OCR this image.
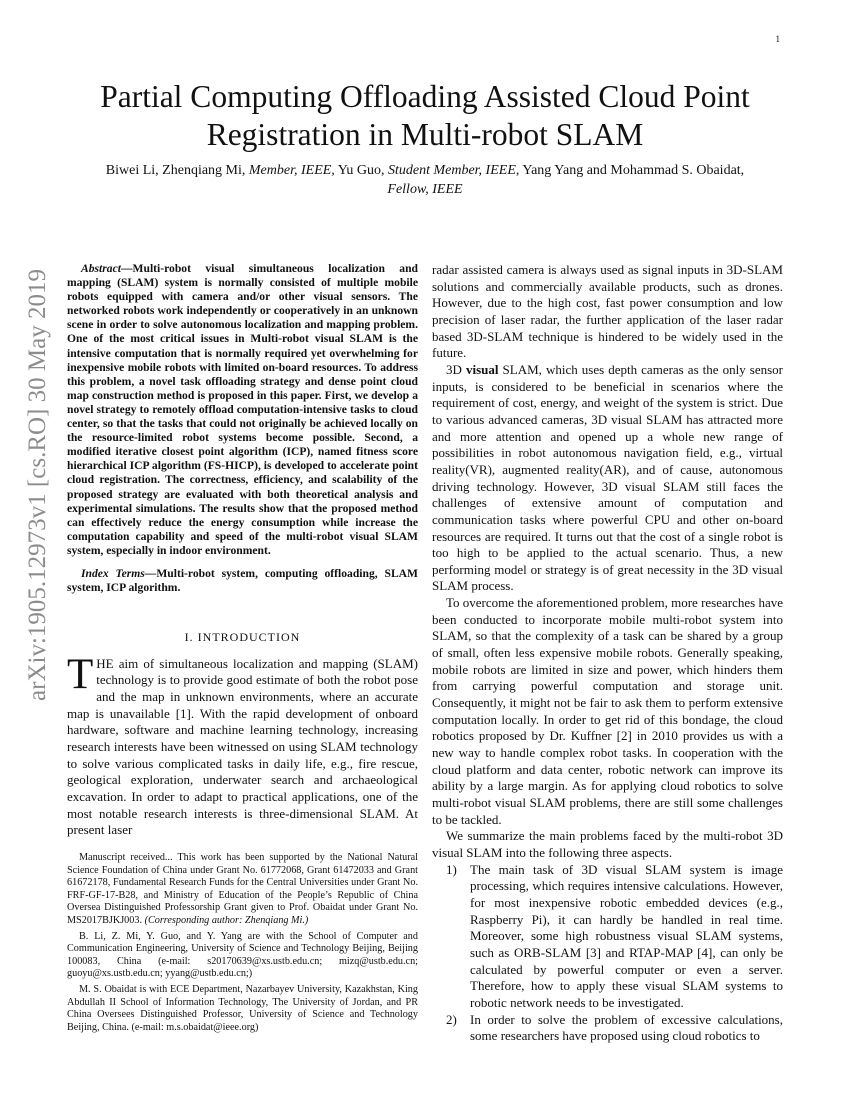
1
arXiv:1905.12973v1 [cs.RO] 30 May 2019
Partial Computing Offloading Assisted Cloud Point Registration in Multi-robot SLAM
Biwei Li, Zhenqiang Mi, Member, IEEE, Yu Guo, Student Member, IEEE, Yang Yang and Mohammad S. Obaidat, Fellow, IEEE

Abstract—Multi-robot visual simultaneous localization and mapping (SLAM) system is normally consisted of multiple mobile robots equipped with camera and/or other visual sensors. The networked robots work independently or cooperatively in an unknown scene in order to solve autonomous localization and mapping problem. One of the most critical issues in Multi-robot visual SLAM is the intensive computation that is normally required yet overwhelming for inexpensive mobile robots with limited on-board resources. To address this problem, a novel task offloading strategy and dense point cloud map construction method is proposed in this paper. First, we develop a novel strategy to remotely offload computation-intensive tasks to cloud center, so that the tasks that could not originally be achieved locally on the resource-limited robot systems become possible. Second, a modified iterative closest point algorithm (ICP), named fitness score hierarchical ICP algorithm (FS-HICP), is developed to accelerate point cloud registration. The correctness, efficiency, and scalability of the proposed strategy are evaluated with both theoretical analysis and experimental simulations. The results show that the proposed method can effectively reduce the energy consumption while increase the computation capability and speed of the multi-robot visual SLAM system, especially in indoor environment.

Index Terms—Multi-robot system, computing offloading, SLAM system, ICP algorithm.

I. INTRODUCTION

THE aim of simultaneous localization and mapping (SLAM) technology is to provide good estimate of both the robot pose and the map in unknown environments, where an accurate map is unavailable [1]. With the rapid development of onboard hardware, software and machine learning technology, increasing research interests have been witnessed on using SLAM technology to solve various complicated tasks in daily life, e.g., fire rescue, geological exploration, underwater search and archaeological excavation. In order to adapt to practical applications, one of the most notable research interests is three-dimensional SLAM. At present laser

Manuscript received... This work has been supported by the National Natural Science Foundation of China under Grant No. 61772068, Grant 61472033 and Grant 61672178, Fundamental Research Funds for the Central Universities under Grant No. FRF-GF-17-B28, and Ministry of Education of the People’s Republic of China Oversea Distinguished Professorship Grant given to Prof. Obaidat under Grant No. MS2017BJKJ003. (Corresponding author: Zhenqiang Mi.)

B. Li, Z. Mi, Y. Guo, and Y. Yang are with the School of Computer and Communication Engineering, University of Science and Technology Beijing, Beijing 100083, China (e-mail: s20170639@xs.ustb.edu.cn; mizq@ustb.edu.cn; guoyu@xs.ustb.edu.cn; yyang@ustb.edu.cn;)

M. S. Obaidat is with ECE Department, Nazarbayev University, Kazakhstan, King Abdullah II School of Information Technology, The University of Jordan, and PR China Oversees Distinguished Professor, University of Science and Technology Beijing, China. (e-mail: m.s.obaidat@ieee.org)

radar assisted camera is always used as signal inputs in 3D-SLAM solutions and commercially available products, such as drones. However, due to the high cost, fast power consumption and low precision of laser radar, the further application of the laser radar based 3D-SLAM technique is hindered to be widely used in the future.

3D visual SLAM, which uses depth cameras as the only sensor inputs, is considered to be beneficial in scenarios where the requirement of cost, energy, and weight of the system is strict. Due to various advanced cameras, 3D visual SLAM has attracted more and more attention and opened up a whole new range of possibilities in robot autonomous navigation field, e.g., virtual reality(VR), augmented reality(AR), and of cause, autonomous driving technology. However, 3D visual SLAM still faces the challenges of extensive amount of computation and communication tasks where powerful CPU and other on-board resources are required. It turns out that the cost of a single robot is too high to be applied to the actual scenario. Thus, a new performing model or strategy is of great necessity in the 3D visual SLAM process.

To overcome the aforementioned problem, more researches have been conducted to incorporate mobile multi-robot system into SLAM, so that the complexity of a task can be shared by a group of small, often less expensive mobile robots. Generally speaking, mobile robots are limited in size and power, which hinders them from carrying powerful computation and storage unit. Consequently, it might not be fair to ask them to perform extensive computation locally. In order to get rid of this bondage, the cloud robotics proposed by Dr. Kuffner [2] in 2010 provides us with a new way to handle complex robot tasks. In cooperation with the cloud platform and data center, robotic network can improve its ability by a large margin. As for applying cloud robotics to solve multi-robot visual SLAM problems, there are still some challenges to be tackled.

We summarize the main problems faced by the multi-robot 3D visual SLAM into the following three aspects.

1) The main task of 3D visual SLAM system is image processing, which requires intensive calculations. However, for most inexpensive robotic embedded devices (e.g., Raspberry Pi), it can hardly be handled in real time. Moreover, some high robustness visual SLAM systems, such as ORB-SLAM [3] and RTAP-MAP [4], can only be calculated by powerful computer or even a server. Therefore, how to apply these visual SLAM systems to robotic network needs to be investigated.
2) In order to solve the problem of excessive calculations, some researchers have proposed using cloud robotics to
